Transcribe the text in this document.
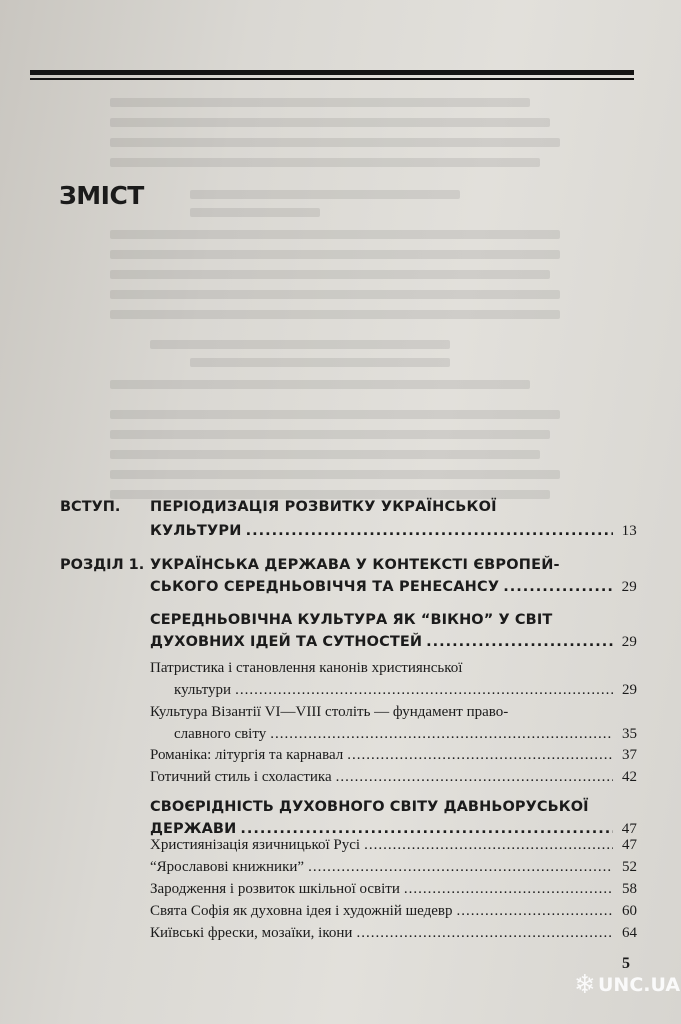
ЗМІСТ
ВСТУП. ПЕРІОДИЗАЦІЯ РОЗВИТКУ УКРАЇНСЬКОЇ
КУЛЬТУРИ .....	13
РОЗДІЛ 1. УКРАЇНСЬКА ДЕРЖАВА У КОНТЕКСТІ ЄВРОПЕЙ-
СЬКОГО СЕРЕДНЬОВІЧЧЯ ТА РЕНЕСАНСУ .....	29
СЕРЕДНЬОВІЧНА КУЛЬТУРА ЯК “ВІКНО” У СВІТ
ДУХОВНИХ ІДЕЙ ТА СУТНОСТЕЙ .....	29
Патристика і становлення канонів християнської
культури .....	29
Культура Візантії VI—VIII століть — фундамент право-
славного світу .....	35
Романіка: літургія та карнавал .....	37
Готичний стиль і схоластика .....	42
СВОЄРІДНІСТЬ ДУХОВНОГО СВІТУ ДАВНЬОРУСЬКОЇ
ДЕРЖАВИ .....	47
Християнізація язичницької Русі .....	47
“Ярославові книжники” .....	52
Зародження і розвиток шкільної освіти .....	58
Свята Софія як духовна ідея і художній шедевр .....	60
Київські фрески, мозаїки, ікони .....	64
5
❄ UNC.UA
